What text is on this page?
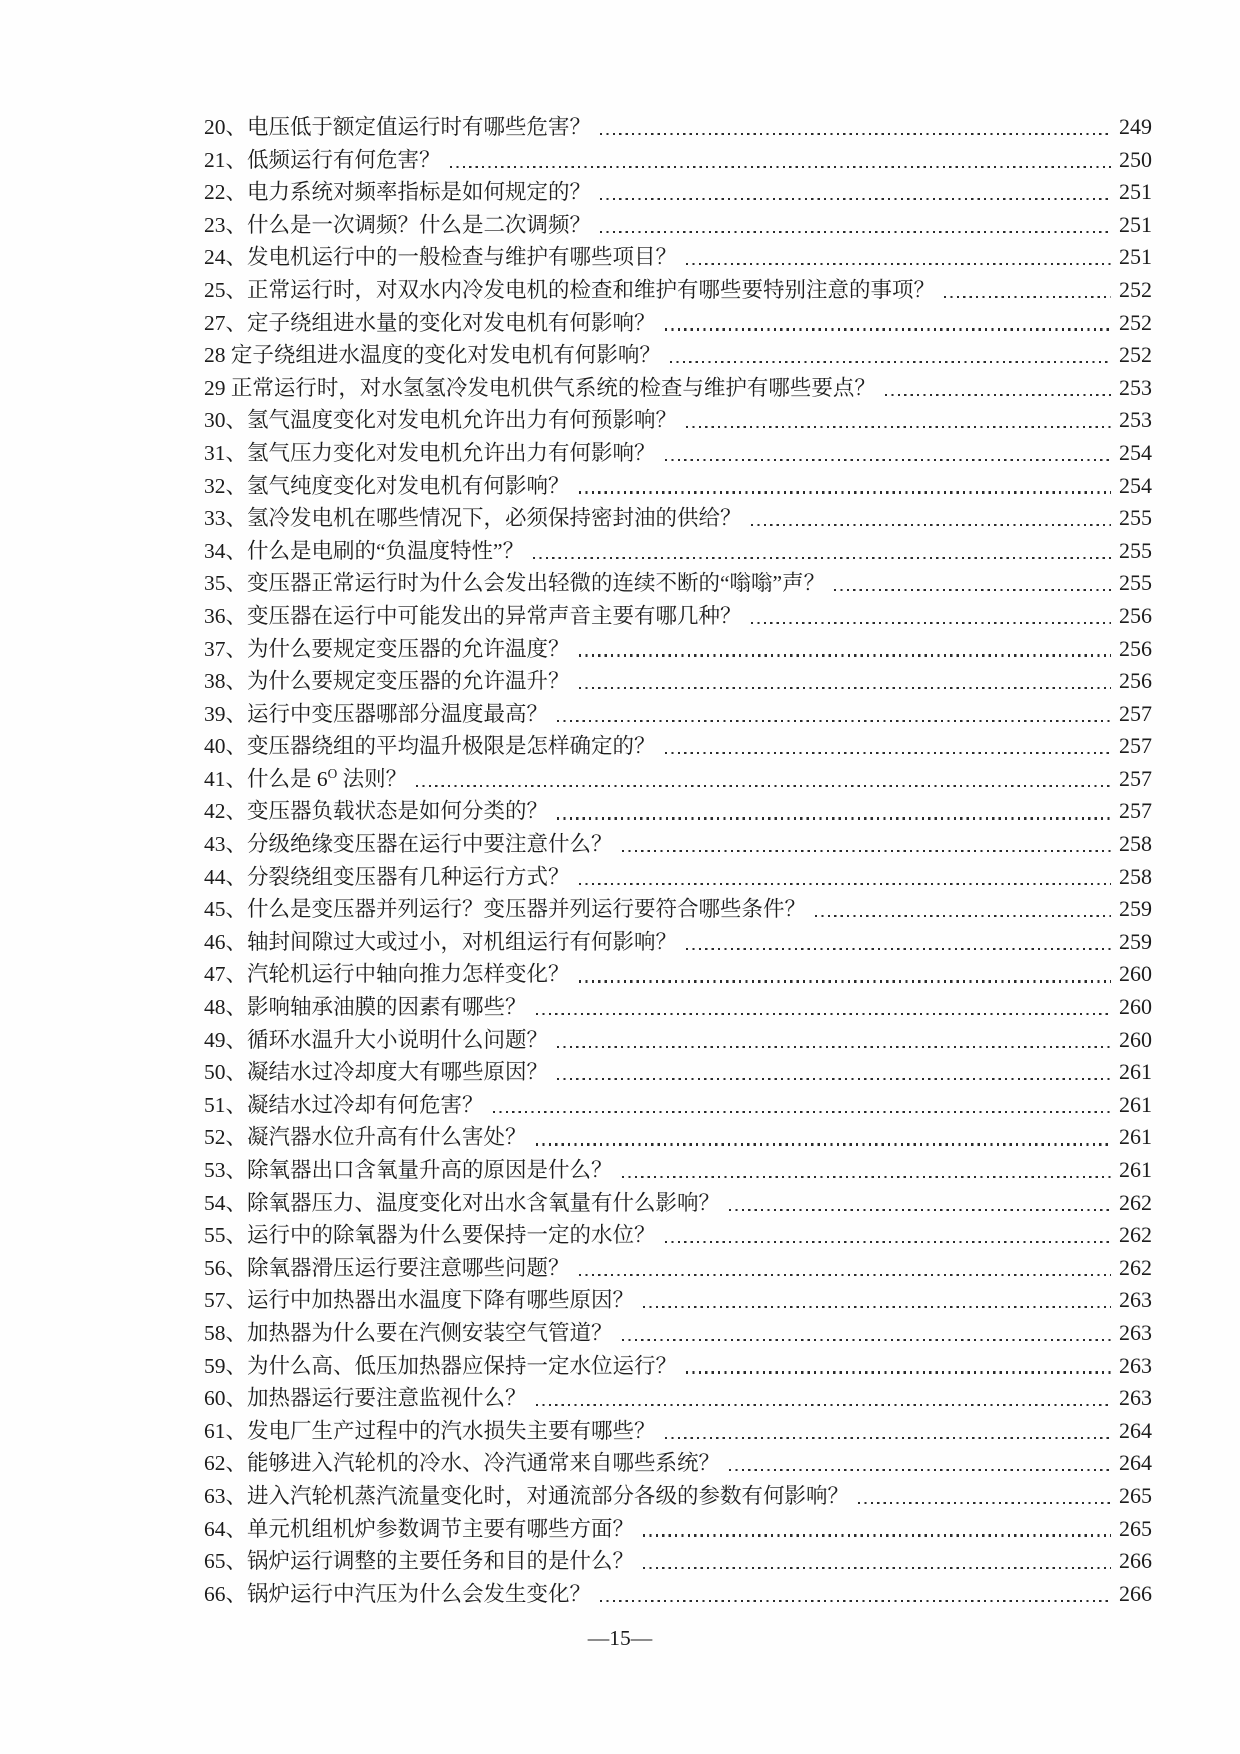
20、 电压低于额定值运行时有哪些危害？	249
21、 低频运行有何危害？	250
22、 电力系统对频率指标是如何规定的？	251
23、 什么是一次调频？什么是二次调频？	251
24、 发电机运行中的一般检查与维护有哪些项目？	251
25、 正常运行时，对双水内冷发电机的检查和维护有哪些要特别注意的事项？	252
27、 定子绕组进水量的变化对发电机有何影响？	252
28 定子绕组进水温度的变化对发电机有何影响？	252
29 正常运行时，对水氢氢冷发电机供气系统的检查与维护有哪些要点？	253
30、 氢气温度变化对发电机允许出力有何预影响？	253
31、 氢气压力变化对发电机允许出力有何影响？	254
32、 氢气纯度变化对发电机有何影响？	254
33、 氢冷发电机在哪些情况下，必须保持密封油的供给？	255
34、 什么是电刷的“负温度特性”？	255
35、 变压器正常运行时为什么会发出轻微的连续不断的“嗡嗡”声？	255
36、 变压器在运行中可能发出的异常声音主要有哪几种？	256
37、 为什么要规定变压器的允许温度？	256
38、 为什么要规定变压器的允许温升？	256
39、 运行中变压器哪部分温度最高？	257
40、 变压器绕组的平均温升极限是怎样确定的？	257
41、 什么是 $6^O$ 法则？	257
42、 变压器负载状态是如何分类的？	257
43、 分级绝缘变压器在运行中要注意什么？	258
44、 分裂绕组变压器有几种运行方式？	258
45、 什么是变压器并列运行？变压器并列运行要符合哪些条件？	259
46、 轴封间隙过大或过小，对机组运行有何影响？	259
47、 汽轮机运行中轴向推力怎样变化？	260
48、 影响轴承油膜的因素有哪些？	260
49、 循环水温升大小说明什么问题？	260
50、 凝结水过冷却度大有哪些原因？	261
51、 凝结水过冷却有何危害？	261
52、 凝汽器水位升高有什么害处？	261
53、 除氧器出口含氧量升高的原因是什么？	261
54、 除氧器压力、温度变化对出水含氧量有什么影响？	262
55、 运行中的除氧器为什么要保持一定的水位？	262
56、 除氧器滑压运行要注意哪些问题？	262
57、 运行中加热器出水温度下降有哪些原因？	263
58、 加热器为什么要在汽侧安装空气管道？	263
59、 为什么高、低压加热器应保持一定水位运行？	263
60、 加热器运行要注意监视什么？	263
61、 发电厂生产过程中的汽水损失主要有哪些？	264
62、 能够进入汽轮机的冷水、冷汽通常来自哪些系统？	264
63、 进入汽轮机蒸汽流量变化时，对通流部分各级的参数有何影响？	265
64、 单元机组机炉参数调节主要有哪些方面？	265
65、 锅炉运行调整的主要任务和目的是什么？	266
66、 锅炉运行中汽压为什么会发生变化？	266
—15—
